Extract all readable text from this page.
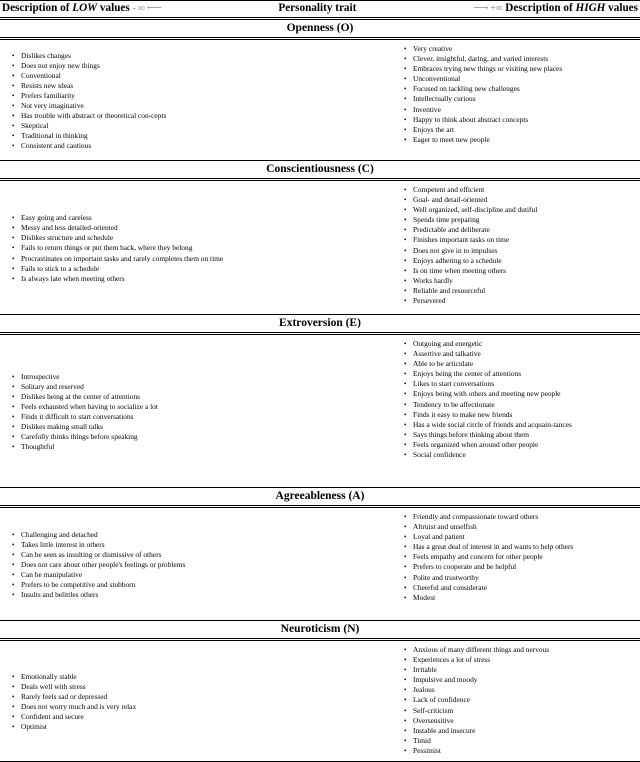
Description of LOW values - ∞ ⟵	Personality trait	⟶ +∞ Description of HIGH values
Openness (O)
• Dislikes changes
• Does not enjoy new things
• Conventional
• Resists new ideas
• Prefers familiarity
• Not very imaginative
• Has trouble with abstract or theoretical con-cepts
• Skeptical
• Traditional in thinking
• Consistent and cautious
• Very creative
• Clever, insightful, daring, and varied interests
• Embraces trying new things or visiting new places
• Unconventional
• Focused on tackling new challenges
• Intellectually curious
• Inventive
• Happy to think about abstract concepts
• Enjoys the art
• Eager to meet new people
Conscientiousness (C)
• Easy going and careless
• Messy and less detailed-oriented
• Dislikes structure and schedule
• Fails to return things or put them back, where they belong
• Procrastinates on important tasks and rarely completes them on time
• Fails to stick to a schedule
• Is always late when meeting others
• Competent and efficient
• Goal- and detail-oriented
• Well organized, self-discipline and dutiful
• Spends time preparing
• Predictable and deliberate
• Finishes important tasks on time
• Does not give in to impulses
• Enjoys adhering to a schedule
• Is on time when meeting others
• Works hardly
• Reliable and resourceful
• Persevered
Extroversion (E)
• Introspective
• Solitary and reserved
• Dislikes being at the center of attentions
• Feels exhausted when having to socialize a lot
• Finds it difficult to start conversations
• Dislikes making small talks
• Carefully thinks things before speaking
• Thoughtful
• Outgoing and energetic
• Assertive and talkative
• Able to be articulate
• Enjoys being the center of attentions
• Likes to start conversations
• Enjoys being with others and meeting new people
• Tendency to be affectionate
• Finds it easy to make new friends
• Has a wide social circle of friends and acquain-tances
• Says things before thinking about them
• Feels organized when around other people
• Social confidence
Agreeableness (A)
• Challenging and detached
• Takes little interest in others
• Can be seen as insulting or dismissive of others
• Does not care about other people's feelings or problems
• Can be manipulative
• Prefers to be competitive and stubborn
• Insults and belittles others
• Friendly and compassionate toward others
• Altruist and unselfish
• Loyal and patient
• Has a great deal of interest in and wants to help others
• Feels empathy and concern for other people
• Prefers to cooperate and be helpful
• Polite and trustworthy
• Cheerful and considerate
• Modest
Neuroticism (N)
• Emotionally stable
• Deals well with stress
• Rarely feels sad or depressed
• Does not worry much and is very relax
• Confident and secure
• Optimist
• Anxious of many different things and nervous
• Experiences a lot of stress
• Irritable
• Impulsive and moody
• Jealous
• Lack of confidence
• Self-criticism
• Oversensitive
• Instable and insecure
• Timid
• Pessimist
